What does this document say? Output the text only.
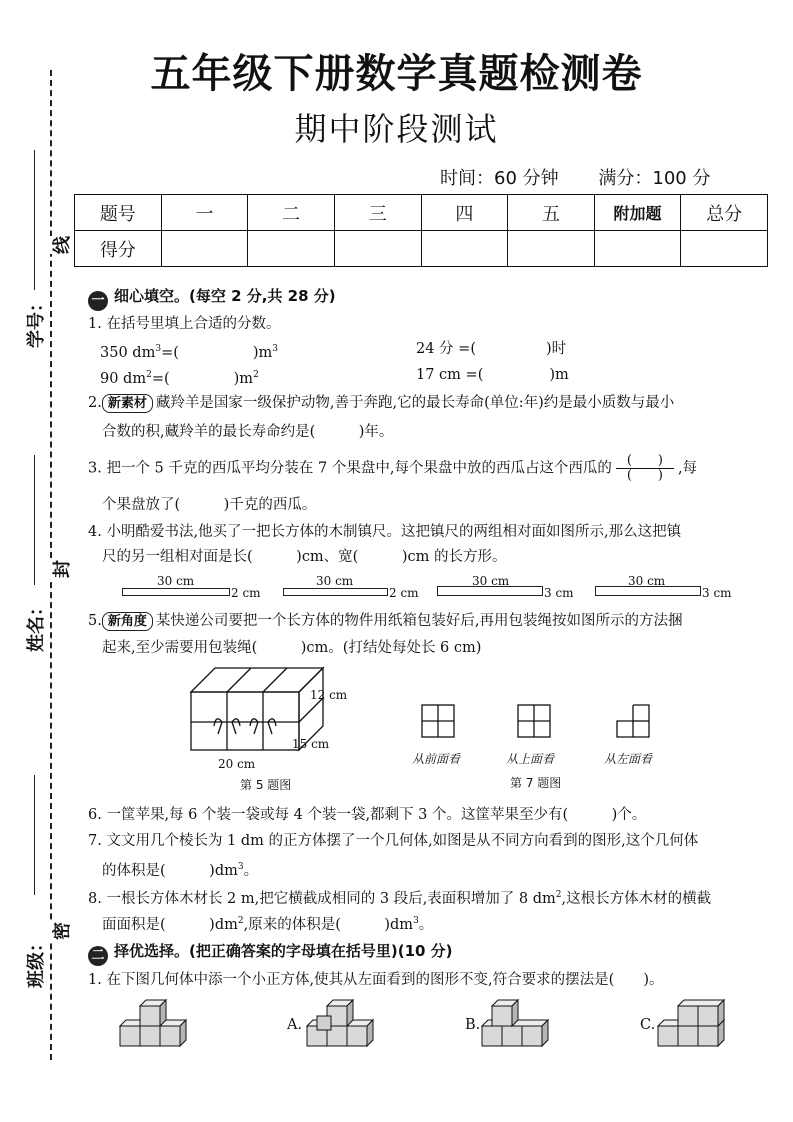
五年级下册数学真题检测卷
期中阶段测试
时间：60 分钟 满分：100 分
学号：
姓名：
班级：
线
封
密
题号	一	二	三	四	五	附加题	总分
得分							
一 细心填空。(每空 2 分,共 28 分)
1. 在括号里填上合适的分数。
350 $dm^3=$(	)$m^3$	24 分 =(	)时
90 $dm^2=$(	)$m^2$	17 cm =(	)m
2. 新素材 藏羚羊是国家一级保护动物,善于奔跑,它的最长寿命(单位:年)约是最小质数与最小
合数的积,藏羚羊的最长寿命约是(　　　)年。
3. 把一个 5 千克的西瓜平均分装在 7 个果盘中,每个果盘中放的西瓜占这个西瓜的 $\frac{( )}{( )}$ ,每
个果盘放了(　　　)千克的西瓜。
4. 小明酷爱书法,他买了一把长方体的木制镇尺。这把镇尺的两组相对面如图所示,那么这把镇
尺的另一组相对面是长(　　　)cm、宽(　　　)cm 的长方形。
30 cm
2 cm
30 cm
2 cm
30 cm
3 cm
30 cm
3 cm
5. 新角度 某快递公司要把一个长方体的物件用纸箱包装好后,再用包装绳按如图所示的方法捆
起来,至少需要用包装绳(　　　)cm。(打结处每处长 6 cm)
12 cm
15 cm
20 cm
第 5 题图
从前面看	从上面看	从左面看
第 7 题图
6. 一筐苹果,每 6 个装一袋或每 4 个装一袋,都剩下 3 个。这筐苹果至少有(　　　)个。
7. 文文用几个棱长为 1 dm 的正方体摆了一个几何体,如图是从不同方向看到的图形,这个几何体
的体积是(　　　)$dm^3$。
8. 一根长方体木材长 2 m,把它横截成相同的 3 段后,表面积增加了 8 $dm^2$,这根长方体木材的横截
面面积是(　　　)$dm^2$,原来的体积是(　　　)$dm^3$。
二 择优选择。(把正确答案的字母填在括号里)(10 分)
1. 在下图几何体中添一个小正方体,使其从左面看到的图形不变,符合要求的摆法是(　　)。
A.	B.	C.
